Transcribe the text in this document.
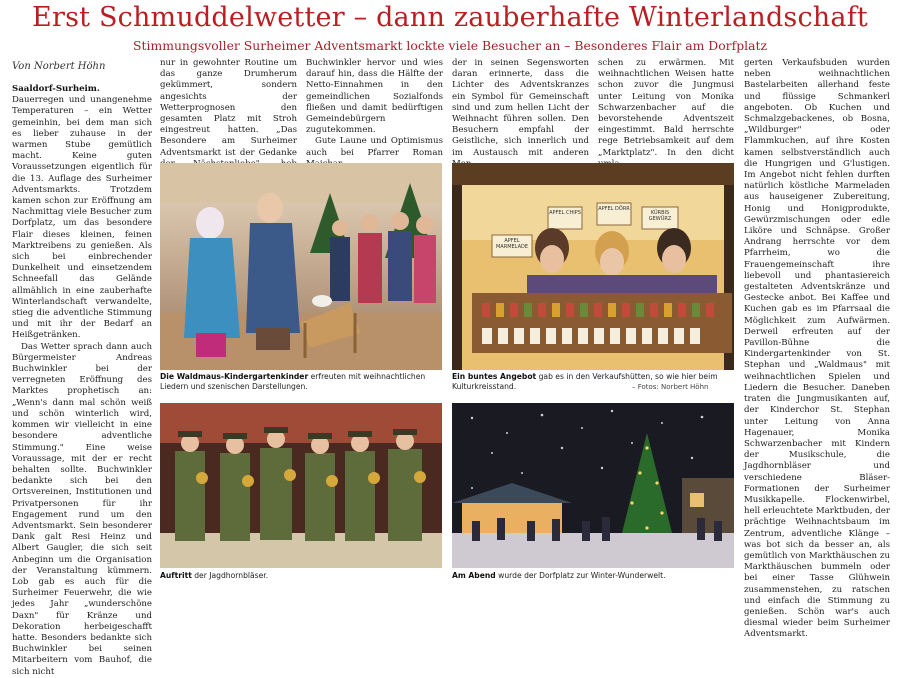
Erst Schmuddelwetter – dann zauberhafte Winterlandschaft
Stimmungsvoller Surheimer Adventsmarkt lockte viele Besucher an – Besonderes Flair am Dorfplatz
Von Norbert Höhn

Saaldorf-Surheim. Dauerregen und unangenehme Temperaturen – ein Wetter gemeinhin, bei dem man sich es lieber zuhause in der warmen Stube gemütlich macht. Keine guten Voraussetzungen eigentlich für die 13. Auflage des Surheimer Adventsmarkts. Trotzdem kamen schon zur Eröffnung am Nachmittag viele Besucher zum Dorfplatz, um das besondere Flair dieses kleinen, feinen Marktreibens zu genießen. Als sich bei einbrechender Dunkelheit und einsetzendem Schneefall das Gelände allmählich in eine zauberhafte Winterlandschaft verwandelte, stieg die adventliche Stimmung und mit ihr der Bedarf an Heißgetränken.

Das Wetter sprach dann auch Bürgermeister Andreas Buchwinkler bei der verregneten Eröffnung des Marktes prophetisch an: „Wenn's dann mal schön weiß und schön winterlich wird, kommen wir vielleicht in eine besondere adventliche Stimmung." Eine weise Voraussage, mit der er recht behalten sollte. Buchwinkler bedankte sich bei den Ortsvereinen, Institutionen und Privatpersonen für ihr Engagement rund um den Adventsmarkt. Sein besonderer Dank galt Resi Heinz und Albert Gaugler, die sich seit Anbeginn um die Organisation der Veranstaltung kümmern. Lob gab es auch für die Surheimer Feuerwehr, die wie jedes Jahr „wunderschöne Daxn" für Kränze und Dekoration herbeigeschafft hatte. Besonders bedankte sich Buchwinkler bei seinen Mitarbeitern vom Bauhof, die sich nicht

nur in gewohnter Routine um das ganze Drumherum gekümmert, sondern angesichts der Wetterprognosen den gesamten Platz mit Stroh eingestreut hatten. „Das Besondere am Surheimer Adventsmarkt ist der Gedanke

Buchwinkler hervor und wies darauf hin, dass die Hälfte der Netto-Einnahmen in den gemeindlichen Sozialfonds fließen und damit bedürftigen Gemeindebürgern zugutekommen.

Gute Laune und Optimismus auch bei Pfarrer Roman

der in seinen Segensworten daran erinnerte, dass die Lichter des Adventskranzes ein Symbol für Gemeinschaft sind und zum hellen Licht der Weihnacht führen sollen. Den Besuchern empfahl der Geistliche, sich innerlich und im Austausch mit anderen

schen zu erwärmen. Mit weihnachtlichen Weisen hatte schon zuvor die Jungmusi unter Leitung von Monika Schwarzenbacher auf die bevorstehende Adventszeit eingestimmt. Bald herrschte rege Betriebsamkeit auf dem „Marktplatz". In den dicht

gerten Verkaufsbuden wurden neben weihnachtlichen Bastelarbeiten allerhand feste und flüssige Schmankerl angeboten. Ob Kuchen und Schmalzgebackenes, ob Bosna, „Wildburger" oder Flammkuchen, auf ihre Kosten kamen selbstverständlich auch die Hungrigen und G'lustigen. Im Angebot nicht fehlen durften natürlich köstliche Marmeladen aus hauseigener Zubereitung, Honig und Honigprodukte, Gewürzmischungen oder edle Liköre und Schnäpse. Großer Andrang herrschte vor dem Pfarrheim, wo die Frauengemeinschaft ihre liebevoll und phantasiereich gestalteten Adventskränze und Gestecke anbot. Bei Kaffee und Kuchen gab es im Pfarrsaal die Möglichkeit zum Aufwärmen. Derweil erfreuten auf der Pavillon-Bühne die Kindergartenkinder von St. Stephan und „Waldmaus" mit weihnachtlichen Spielen und Liedern die Besucher. Daneben traten die Jungmusikanten auf, der Kinderchor St. Stephan unter Leitung von Anna Hagenauer, Monika Schwarzenbacher mit Kindern der Musikschule, die Jagdhornbläser und verschiedene Bläser-Formationen der Surheimer Musikkapelle. Flockenwirbel, hell erleuchtete Marktbuden, der prächtige Weihnachtsbaum im Zentrum, adventliche Klänge – was bot sich da besser an, als gemütlich von Markthäuschen zu Markthäuschen bummeln oder bei einer Tasse Glühwein zusammenstehen, zu ratschen und einfach die Stimmung zu genießen. Schön war's auch diesmal wieder beim Surheimer Adventsmarkt.

Die Waldmaus-Kindergartenkinder erfreuten mit weihnachtlichen Liedern und szenischen Darstellungen.
APFEL CHIPS
APFEL DÖRR
KÜRBIS GEWÜRZ
APFEL MARMELADE
Ein buntes Angebot gab es in den Verkaufshütten, so wie hier beim Kulturkreisstand.	– Fotos: Norbert Höhn
Auftritt der Jagdhornbläser.	Am Abend wurde der Dorfplatz zur Winter-Wunderwelt.
